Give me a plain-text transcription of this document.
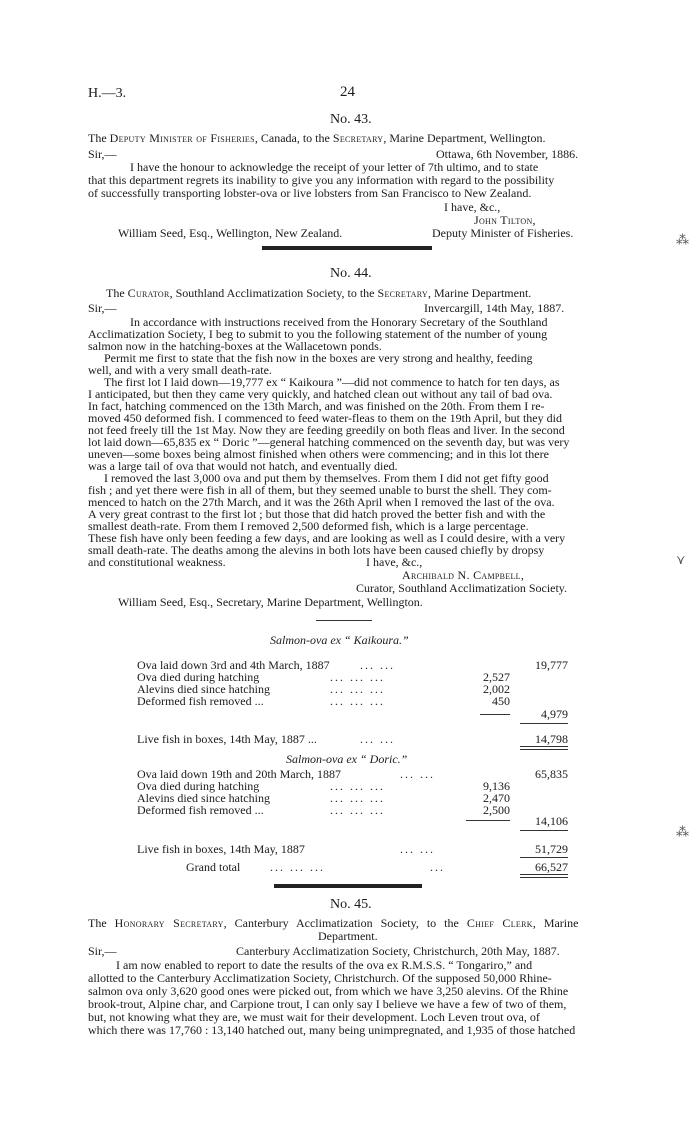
H.—3.	24
No. 43.
The Deputy Minister of Fisheries, Canada, to the Secretary, Marine Department, Wellington.
Sir,—	Ottawa, 6th November, 1886.
I have the honour to acknowledge the receipt of your letter of 7th ultimo, and to state
that this department regrets its inability to give you any information with regard to the possibility
of successfully transporting lobster-ova or live lobsters from San Francisco to New Zealand.
I have, &c.,
John Tilton,
William Seed, Esq., Wellington, New Zealand.	Deputy Minister of Fisheries.
No. 44.
The Curator, Southland Acclimatization Society, to the Secretary, Marine Department.
Sir,—	Invercargill, 14th May, 1887.
In accordance with instructions received from the Honorary Secretary of the Southland
Acclimatization Society, I beg to submit to you the following statement of the number of young
salmon now in the hatching-boxes at the Wallacetown ponds.
Permit me first to state that the fish now in the boxes are very strong and healthy, feeding
well, and with a very small death-rate.
The first lot I laid down—19,777 ex “ Kaikoura ”—did not commence to hatch for ten days, as
I anticipated, but then they came very quickly, and hatched clean out without any tail of bad ova.
In fact, hatching commenced on the 13th March, and was finished on the 20th. From them I re-
moved 450 deformed fish. I commenced to feed water-fleas to them on the 19th April, but they did
not feed freely till the 1st May. Now they are feeding greedily on both fleas and liver. In the second
lot laid down—65,835 ex “ Doric ”—general hatching commenced on the seventh day, but was very
uneven—some boxes being almost finished when others were commencing; and in this lot there
was a large tail of ova that would not hatch, and eventually died.
I removed the last 3,000 ova and put them by themselves. From them I did not get fifty good
fish ; and yet there were fish in all of them, but they seemed unable to burst the shell. They com-
menced to hatch on the 27th March, and it was the 26th April when I removed the last of the ova.
A very great contrast to the first lot ; but those that did hatch proved the better fish and with the
smallest death-rate. From them I removed 2,500 deformed fish, which is a large percentage.
These fish have only been feeding a few days, and are looking as well as I could desire, with a very
small death-rate. The deaths among the alevins in both lots have been caused chiefly by dropsy
and constitutional weakness.	I have, &c.,
Archibald N. Campbell,
Curator, Southland Acclimatization Society.
William Seed, Esq., Secretary, Marine Department, Wellington.
Salmon-ova ex “ Kaikoura.”
Ova laid down 3rd and 4th March, 1887	... ...	19,777
Ova died during hatching	... ... ...	2,527
Alevins died since hatching	... ... ...	2,002
Deformed fish removed ...	... ... ...	450
4,979
Live fish in boxes, 14th May, 1887 ...	... ...	14,798
Salmon-ova ex “ Doric.”
Ova laid down 19th and 20th March, 1887	... ...	65,835
Ova died during hatching	... ... ...	9,136
Alevins died since hatching	... ... ...	2,470
Deformed fish removed ...	... ... ...	2,500
14,106
Live fish in boxes, 14th May, 1887	... ...	51,729
Grand total ... ... ...	...	66,527
No. 45.
The Honorary Secretary, Canterbury Acclimatization Society, to the Chief Clerk, Marine
Department.
Sir,—	Canterbury Acclimatization Society, Christchurch, 20th May, 1887.
I am now enabled to report to date the results of the ova ex R.M.S.S. “ Tongariro,” and
allotted to the Canterbury Acclimatization Society, Christchurch. Of the supposed 50,000 Rhine-
salmon ova only 3,620 good ones were picked out, from which we have 3,250 alevins. Of the Rhine
brook-trout, Alpine char, and Carpione trout, I can only say I believe we have a few of two of them,
but, not knowing what they are, we must wait for their development. Loch Leven trout ova, of
which there was 17,760 : 13,140 hatched out, many being unimpregnated, and 1,935 of those hatched
⁂
⋎
⁂
